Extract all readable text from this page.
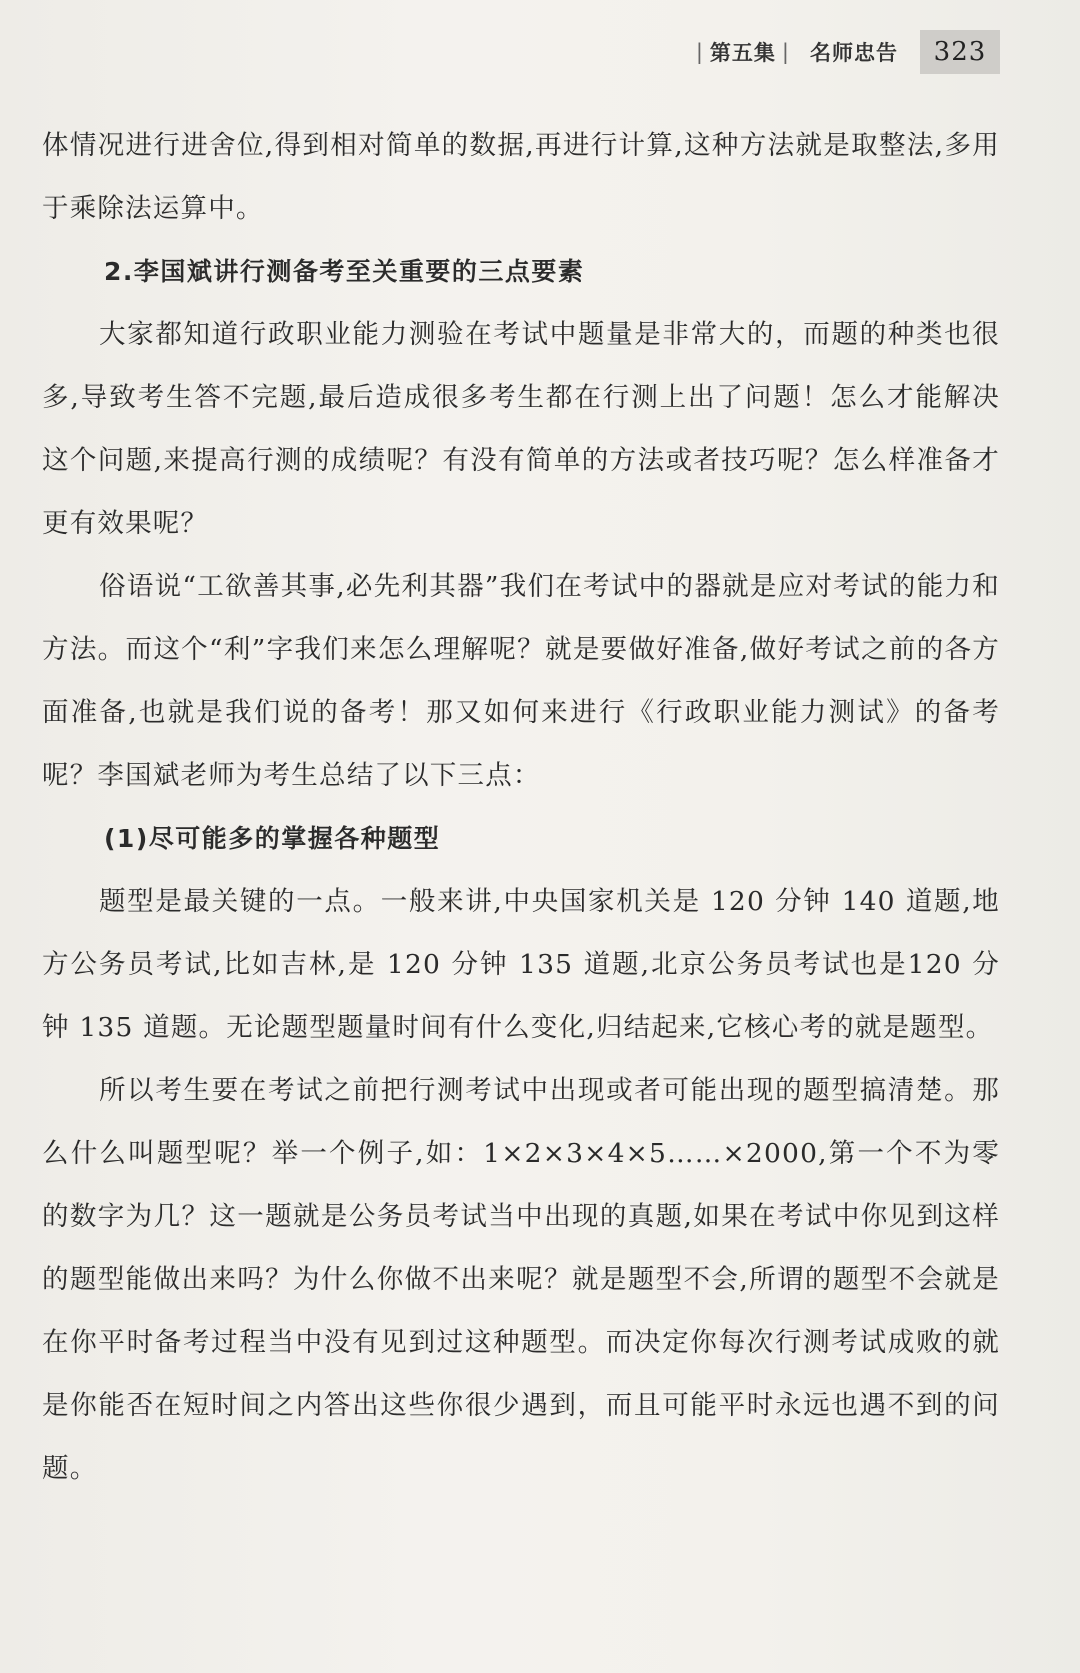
| 第五集 | 名师忠告	323

体情况进行进舍位,得到相对简单的数据,再进行计算,这种方法就是取整法,多用于乘除法运算中。

2.李国斌讲行测备考至关重要的三点要素

大家都知道行政职业能力测验在考试中题量是非常大的，而题的种类也很多,导致考生答不完题,最后造成很多考生都在行测上出了问题！怎么才能解决这个问题,来提高行测的成绩呢？有没有简单的方法或者技巧呢？怎么样准备才更有效果呢？

俗语说“工欲善其事,必先利其器”我们在考试中的器就是应对考试的能力和方法。而这个“利”字我们来怎么理解呢？就是要做好准备,做好考试之前的各方面准备,也就是我们说的备考！那又如何来进行《行政职业能力测试》的备考呢？李国斌老师为考生总结了以下三点：

(1)尽可能多的掌握各种题型

题型是最关键的一点。一般来讲,中央国家机关是 120 分钟 140 道题,地方公务员考试,比如吉林,是 120 分钟 135 道题,北京公务员考试也是120 分钟 135 道题。无论题型题量时间有什么变化,归结起来,它核心考的就是题型。

所以考生要在考试之前把行测考试中出现或者可能出现的题型搞清楚。那么什么叫题型呢？举一个例子,如：1×2×3×4×5……×2000,第一个不为零的数字为几？这一题就是公务员考试当中出现的真题,如果在考试中你见到这样的题型能做出来吗？为什么你做不出来呢？就是题型不会,所谓的题型不会就是在你平时备考过程当中没有见到过这种题型。而决定你每次行测考试成败的就是你能否在短时间之内答出这些你很少遇到，而且可能平时永远也遇不到的问题。
